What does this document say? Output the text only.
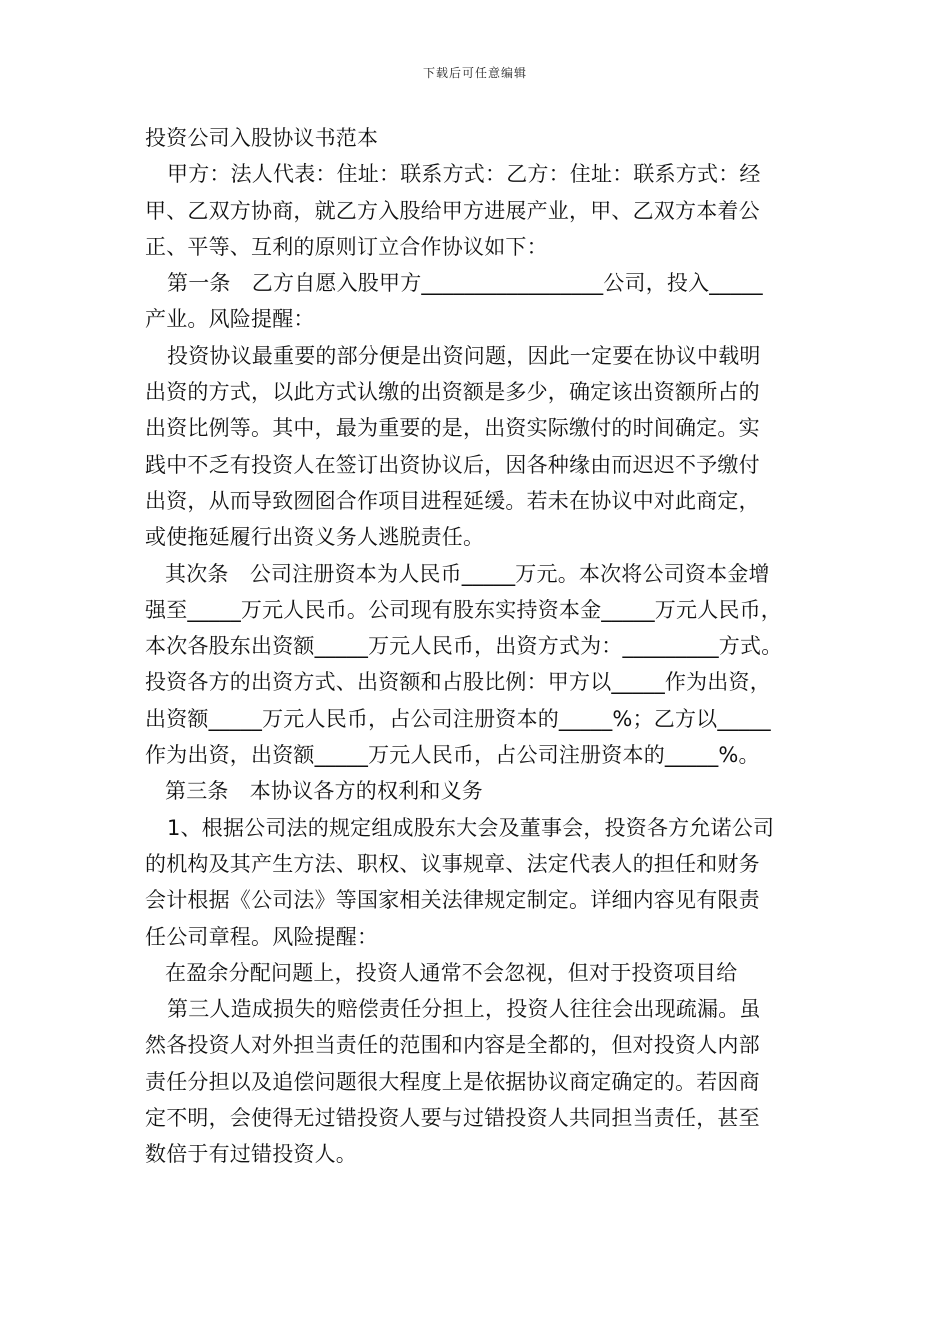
下载后可任意编辑
投资公司入股协议书范本
甲方：法人代表：住址：联系方式：乙方：住址：联系方式：经
甲、乙双方协商，就乙方入股给甲方进展产业，甲、乙双方本着公
正、平等、互利的原则订立合作协议如下：
第一条　乙方自愿入股甲方_________________公司，投入_____
产业。风险提醒：
投资协议最重要的部分便是出资问题，因此一定要在协议中载明
出资的方式，以此方式认缴的出资额是多少，确定该出资额所占的
出资比例等。其中，最为重要的是，出资实际缴付的时间确定。实
践中不乏有投资人在签订出资协议后，因各种缘由而迟迟不予缴付
出资，从而导致囫囵合作项目进程延缓。若未在协议中对此商定，
或使拖延履行出资义务人逃脱责任。
其次条　公司注册资本为人民币_____万元。本次将公司资本金增
强至_____万元人民币。公司现有股东实持资本金_____万元人民币，
本次各股东出资额_____万元人民币，出资方式为：_________方式。
投资各方的出资方式、出资额和占股比例：甲方以_____作为出资，
出资额_____万元人民币，占公司注册资本的_____%；乙方以_____
作为出资，出资额_____万元人民币，占公司注册资本的_____%。
第三条　本协议各方的权利和义务
1、根据公司法的规定组成股东大会及董事会，投资各方允诺公司
的机构及其产生方法、职权、议事规章、法定代表人的担任和财务
会计根据《公司法》等国家相关法律规定制定。详细内容见有限责
任公司章程。风险提醒：
在盈余分配问题上，投资人通常不会忽视，但对于投资项目给
第三人造成损失的赔偿责任分担上，投资人往往会出现疏漏。虽
然各投资人对外担当责任的范围和内容是全都的，但对投资人内部
责任分担以及追偿问题很大程度上是依据协议商定确定的。若因商
定不明，会使得无过错投资人要与过错投资人共同担当责任，甚至
数倍于有过错投资人。
